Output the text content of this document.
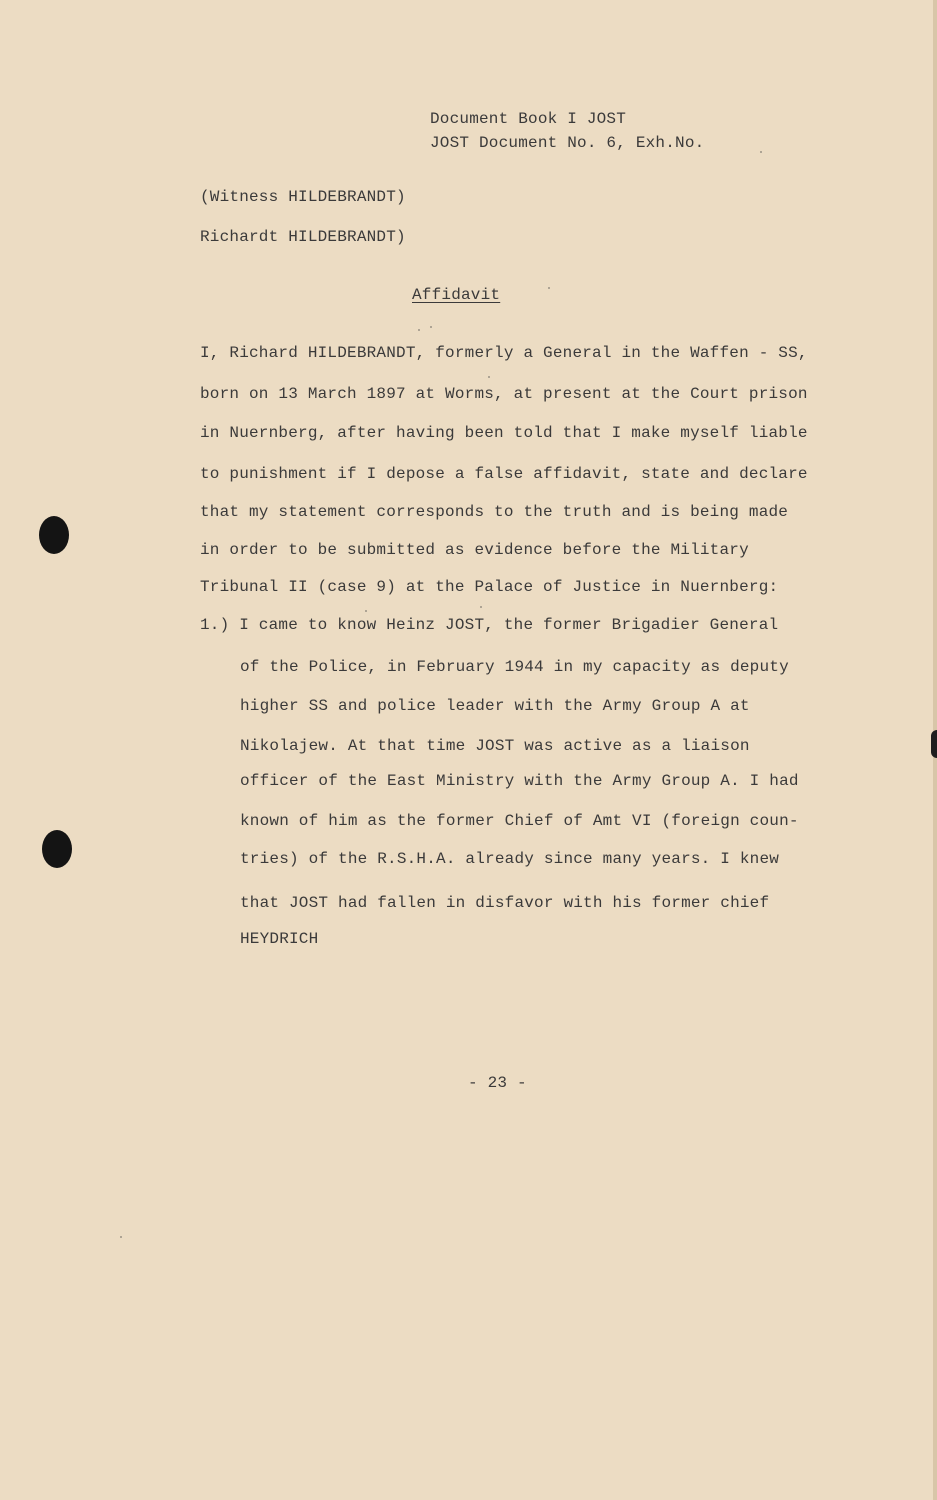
Document Book I JOST
JOST Document No. 6, Exh.No.
(Witness HILDEBRANDT)
Richardt HILDEBRANDT)
Affidavit
I, Richard HILDEBRANDT, formerly a General in the Waffen - SS,
born on 13 March 1897 at Worms, at present at the Court prison
in Nuernberg, after having been told that I make myself liable
to punishment if I depose a false affidavit, state and declare
that my statement corresponds to the truth and is being made
in order to be submitted as evidence before the Military
Tribunal II (case 9) at the Palace of Justice in Nuernberg:
1.) I came to know Heinz JOST, the former Brigadier General
of the Police, in February 1944 in my capacity as deputy
higher SS and police leader with the Army Group A at
Nikolajew. At that time JOST was active as a liaison
officer of the East Ministry with the Army Group A. I had
known of him as the former Chief of Amt VI (foreign coun-
tries) of the R.S.H.A. already since many years. I knew
that JOST had fallen in disfavor with his former chief
HEYDRICH
- 23 -
